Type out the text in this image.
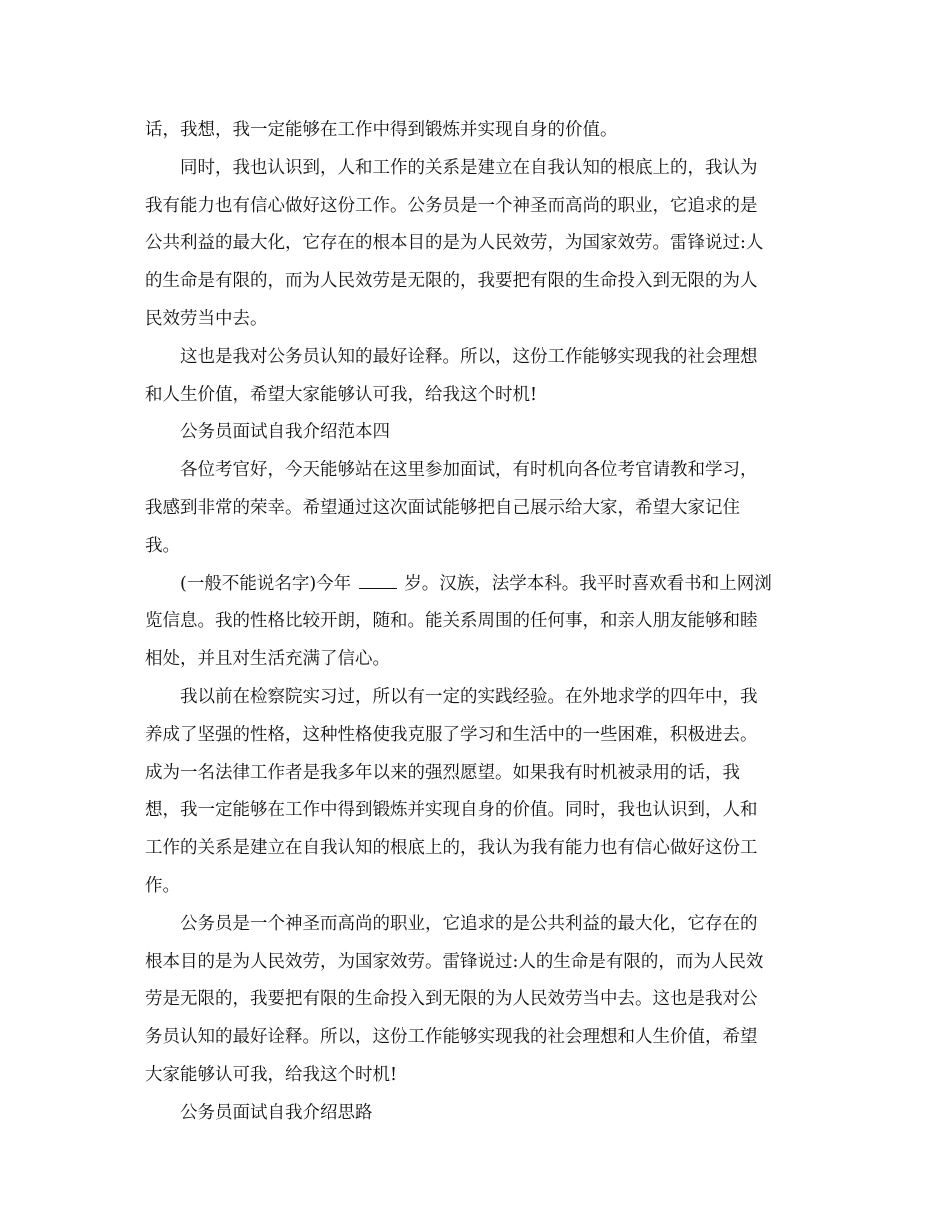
话，我想，我一定能够在工作中得到锻炼并实现自身的价值。
同时，我也认识到，人和工作的关系是建立在自我认知的根底上的，我认为
我有能力也有信心做好这份工作。公务员是一个神圣而高尚的职业，它追求的是
公共利益的最大化，它存在的根本目的是为人民效劳，为国家效劳。雷锋说过:人
的生命是有限的，而为人民效劳是无限的，我要把有限的生命投入到无限的为人
民效劳当中去。
这也是我对公务员认知的最好诠释。所以，这份工作能够实现我的社会理想
和人生价值，希望大家能够认可我，给我这个时机!
公务员面试自我介绍范本四
各位考官好，今天能够站在这里参加面试，有时机向各位考官请教和学习，
我感到非常的荣幸。希望通过这次面试能够把自己展示给大家，希望大家记住
我。
(一般不能说名字)今年	岁。汉族，法学本科。我平时喜欢看书和上网浏
览信息。我的性格比较开朗，随和。能关系周围的任何事，和亲人朋友能够和睦
相处，并且对生活充满了信心。
我以前在检察院实习过，所以有一定的实践经验。在外地求学的四年中，我
养成了坚强的性格，这种性格使我克服了学习和生活中的一些困难，积极进去。
成为一名法律工作者是我多年以来的强烈愿望。如果我有时机被录用的话，我
想，我一定能够在工作中得到锻炼并实现自身的价值。同时，我也认识到，人和
工作的关系是建立在自我认知的根底上的，我认为我有能力也有信心做好这份工
作。
公务员是一个神圣而高尚的职业，它追求的是公共利益的最大化，它存在的
根本目的是为人民效劳，为国家效劳。雷锋说过:人的生命是有限的，而为人民效
劳是无限的，我要把有限的生命投入到无限的为人民效劳当中去。这也是我对公
务员认知的最好诠释。所以，这份工作能够实现我的社会理想和人生价值，希望
大家能够认可我，给我这个时机!
公务员面试自我介绍思路
